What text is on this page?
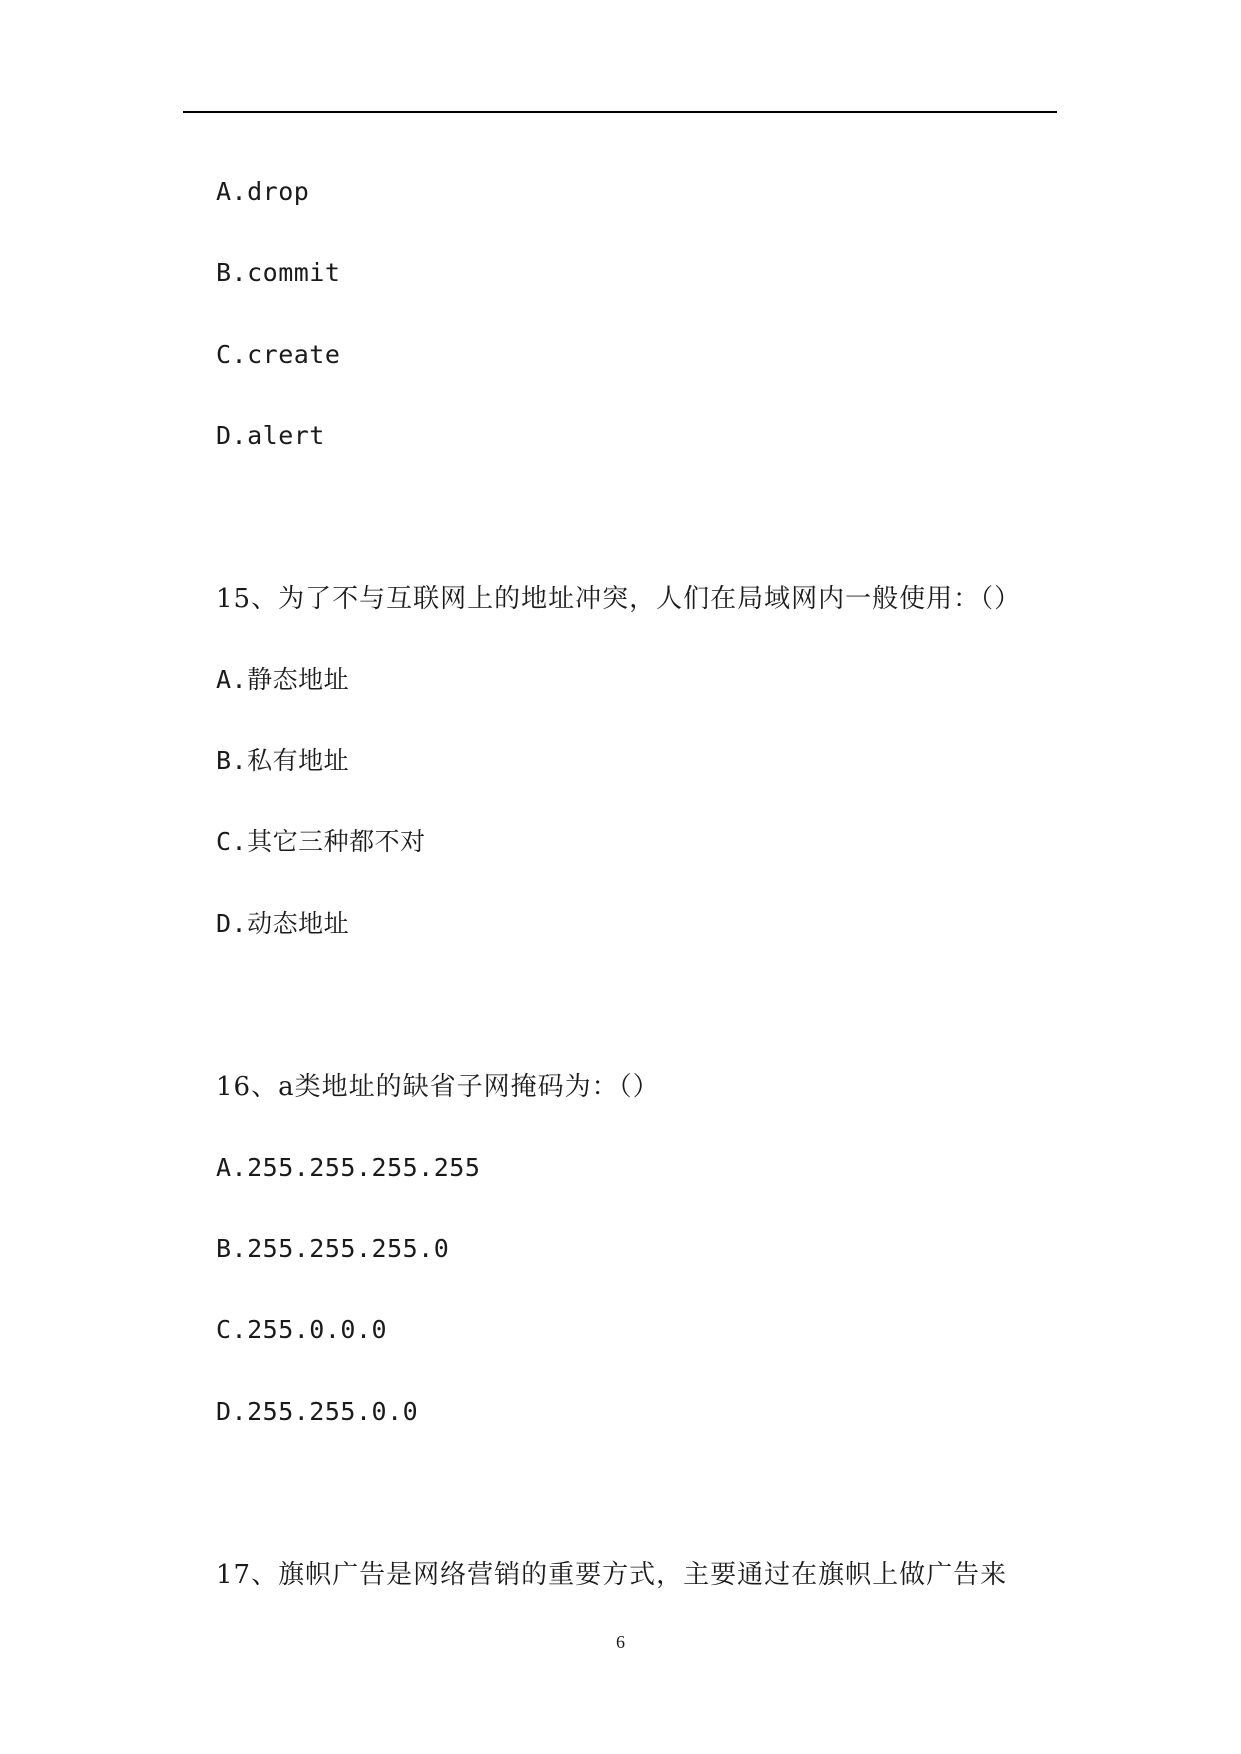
A.drop
B.commit
C.create
D.alert
15、为了不与互联网上的地址冲突，人们在局域网内一般使用：（）
A.静态地址
B.私有地址
C.其它三种都不对
D.动态地址
16、a类地址的缺省子网掩码为：（）
A.255.255.255.255
B.255.255.255.0
C.255.0.0.0
D.255.255.0.0
17、旗帜广告是网络营销的重要方式，主要通过在旗帜上做广告来
6
